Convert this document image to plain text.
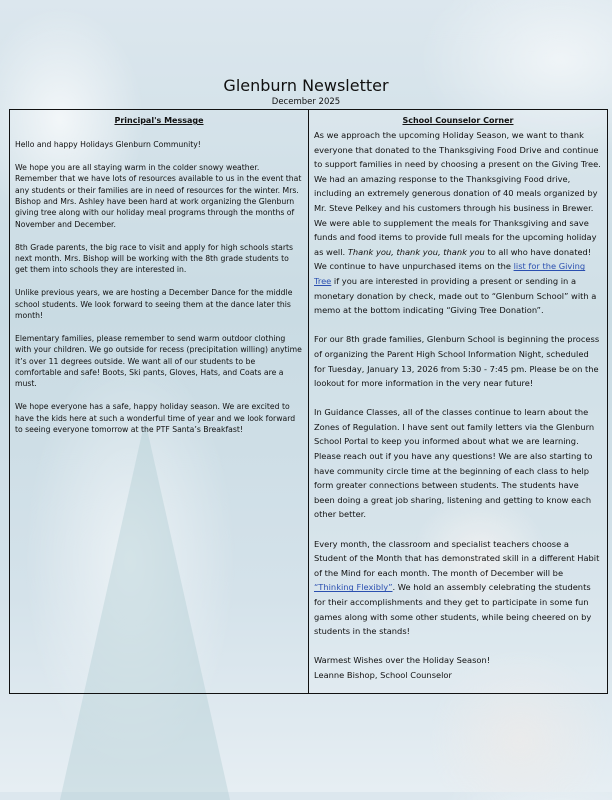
Glenburn Newsletter
December 2025
Principal's Message

Hello and happy Holidays Glenburn Community!

We hope you are all staying warm in the colder snowy weather. Remember that we have lots of resources available to us in the event that any students or their families are in need of resources for the winter. Mrs. Bishop and Mrs. Ashley have been hard at work organizing the Glenburn giving tree along with our holiday meal programs through the months of November and December.

8th Grade parents, the big race to visit and apply for high schools starts next month. Mrs. Bishop will be working with the 8th grade students to get them into schools they are interested in.

Unlike previous years, we are hosting a December Dance for the middle school students. We look forward to seeing them at the dance later this month!

Elementary families, please remember to send warm outdoor clothing with your children. We go outside for recess (precipitation willing) anytime it’s over 11 degrees outside. We want all of our students to be comfortable and safe! Boots, Ski pants, Gloves, Hats, and Coats are a must.

We hope everyone has a safe, happy holiday season. We are excited to have the kids here at such a wonderful time of year and we look forward to seeing everyone tomorrow at the PTF Santa’s Breakfast!

School Counselor Corner

As we approach the upcoming Holiday Season, we want to thank everyone that donated to the Thanksgiving Food Drive and continue to support families in need by choosing a present on the Giving Tree. We had an amazing response to the Thanksgiving Food drive, including an extremely generous donation of 40 meals organized by Mr. Steve Pelkey and his customers through his business in Brewer. We were able to supplement the meals for Thanksgiving and save funds and food items to provide full meals for the upcoming holiday as well. Thank you, thank you, thank you to all who have donated! We continue to have unpurchased items on the list for the Giving Tree if you are interested in providing a present or sending in a monetary donation by check, made out to “Glenburn School” with a memo at the bottom indicating “Giving Tree Donation”.

For our 8th grade families, Glenburn School is beginning the process of organizing the Parent High School Information Night, scheduled for Tuesday, January 13, 2026 from 5:30 - 7:45 pm. Please be on the lookout for more information in the very near future!

In Guidance Classes, all of the classes continue to learn about the Zones of Regulation. I have sent out family letters via the Glenburn School Portal to keep you informed about what we are learning. Please reach out if you have any questions! We are also starting to have community circle time at the beginning of each class to help form greater connections between students. The students have been doing a great job sharing, listening and getting to know each other better.

Every month, the classroom and specialist teachers choose a Student of the Month that has demonstrated skill in a different Habit of the Mind for each month. The month of December will be “Thinking Flexibly”. We hold an assembly celebrating the students for their accomplishments and they get to participate in some fun games along with some other students, while being cheered on by students in the stands!

Warmest Wishes over the Holiday Season!

Leanne Bishop, School Counselor
